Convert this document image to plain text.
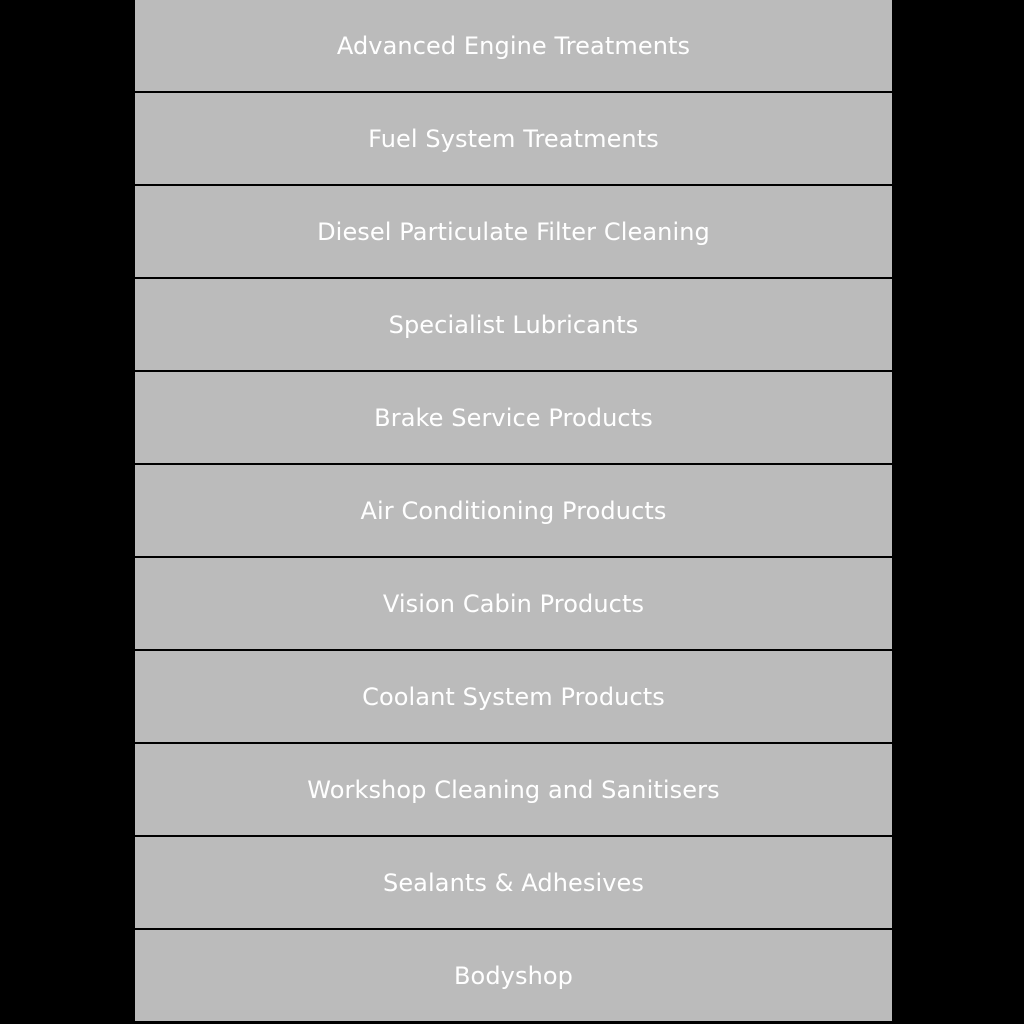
Advanced Engine Treatments
Fuel System Treatments
Diesel Particulate Filter Cleaning
Specialist Lubricants
Brake Service Products
Air Conditioning Products
Vision Cabin Products
Coolant System Products
Workshop Cleaning and Sanitisers
Sealants & Adhesives
Bodyshop
